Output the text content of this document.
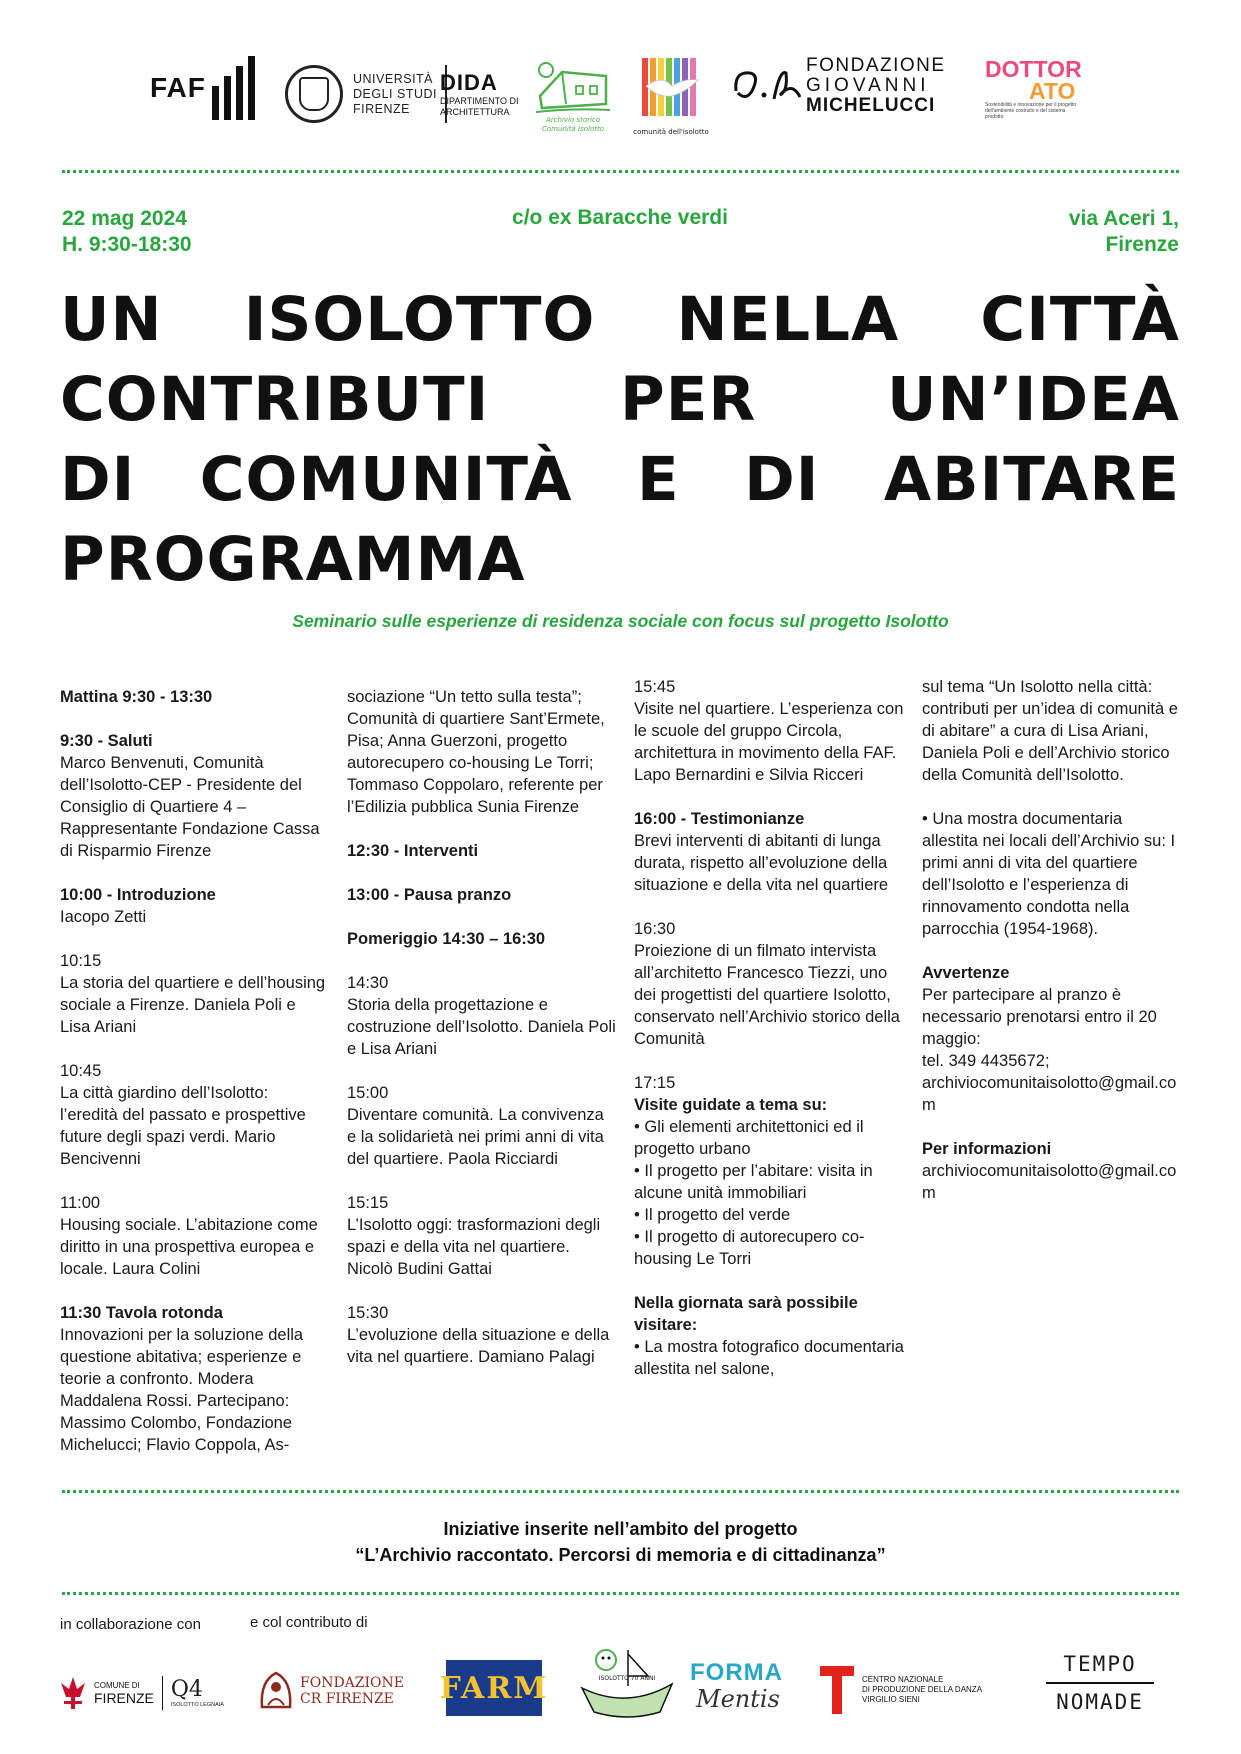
FAF	UNIVERSITÀ
DEGLI STUDI
FIRENZE
DIDA
DIPARTIMENTO DI
ARCHITETTURA
Archivio storico
Comunità Isolotto	comunità dell'isolotto
FONDAZIONE
GIOVANNI
MICHELUCCI
DOTTOR
ATO
Sostenibilità e innovazione per il progetto dell'ambiente costruito e del sistema prodotto
22 mag 2024
H. 9:30-18:30
c/o ex Baracche verdi	via Aceri 1,
Firenze
UN ISOLOTTO NELLA CITTÀ
CONTRIBUTI PER UN’IDEA
DI COMUNITÀ E DI ABITARE
PROGRAMMA
Seminario sulle esperienze di residenza sociale con focus sul progetto Isolotto

Mattina 9:30 - 13:30

9:30 - Saluti
Marco Benvenuti, Comunità dell’Isolotto-CEP - Presidente del Consiglio di Quartiere 4 – Rappresentante Fondazione Cassa di Risparmio Firenze

10:00 - Introduzione
Iacopo Zetti

10:15
La storia del quartiere e dell’housing sociale a Firenze. Daniela Poli e Lisa Ariani

10:45
La città giardino dell’Isolotto: l’eredità del passato e prospettive future degli spazi verdi. Mario Bencivenni

11:00
Housing sociale. L’abitazione come diritto in una prospettiva europea e locale. Laura Colini

11:30 Tavola rotonda
Innovazioni per la soluzione della questione abitativa; esperienze e teorie a confronto. Modera Maddalena Rossi. Partecipano: Massimo Colombo, Fondazione Michelucci; Flavio Coppola, As-

sociazione “Un tetto sulla testa”; Comunità di quartiere Sant’Ermete, Pisa; Anna Guerzoni, progetto autorecupero co-housing Le Torri; Tommaso Coppolaro, referente per l’Edilizia pubblica Sunia Firenze

12:30 - Interventi

13:00 - Pausa pranzo

Pomeriggio 14:30 – 16:30

14:30
Storia della progettazione e costruzione dell’Isolotto. Daniela Poli e Lisa Ariani

15:00
Diventare comunità. La convivenza e la solidarietà nei primi anni di vita del quartiere. Paola Ricciardi

15:15
L’Isolotto oggi: trasformazioni degli spazi e della vita nel quartiere. Nicolò Budini Gattai

15:30
L’evoluzione della situazione e della vita nel quartiere. Damiano Palagi

15:45
Visite nel quartiere. L’esperienza con le scuole del gruppo Circola, architettura in movimento della FAF. Lapo Bernardini e Silvia Ricceri

16:00 - Testimonianze
Brevi interventi di abitanti di lunga durata, rispetto all’evoluzione della situazione e della vita nel quartiere

16:30
Proiezione di un filmato intervista all’architetto Francesco Tiezzi, uno dei progettisti del quartiere Isolotto, conservato nell’Archivio storico della Comunità

17:15
Visite guidate a tema su:
• Gli elementi architettonici ed il progetto urbano
• Il progetto per l’abitare: visita in alcune unità immobiliari
• Il progetto del verde
• Il progetto di autorecupero co-housing Le Torri

Nella giornata sarà possibile visitare:
• La mostra fotografico documentaria allestita nel salone,

sul tema “Un Isolotto nella città: contributi per un’idea di comunità e di abitare” a cura di Lisa Ariani, Daniela Poli e dell’Archivio storico della Comunità dell’Isolotto.

• Una mostra documentaria allestita nei locali dell’Archivio su: I primi anni di vita del quartiere dell’Isolotto e l’esperienza di rinnovamento condotta nella parrocchia (1954-1968).

Avvertenze
Per partecipare al pranzo è necessario prenotarsi entro il 20 maggio:
tel. 349 4435672;
archiviocomunitaisolotto@gmail.com

Per informazioni
archiviocomunitaisolotto@gmail.com

Iniziative inserite nell’ambito del progetto
“L’Archivio raccontato. Percorsi di memoria e di cittadinanza”
in collaborazione con	e col contributo di
COMUNE DI
FIRENZE Q4
ISOLOTTO LEGNAIA
FONDAZIONE
CR FIRENZE	FARM	ISOLOTTO 70 ANNI FORMA
Mentis
CENTRO NAZIONALE
DI PRODUZIONE DELLA DANZA
VIRGILIO SIENI
TEMPO
NOMADE
